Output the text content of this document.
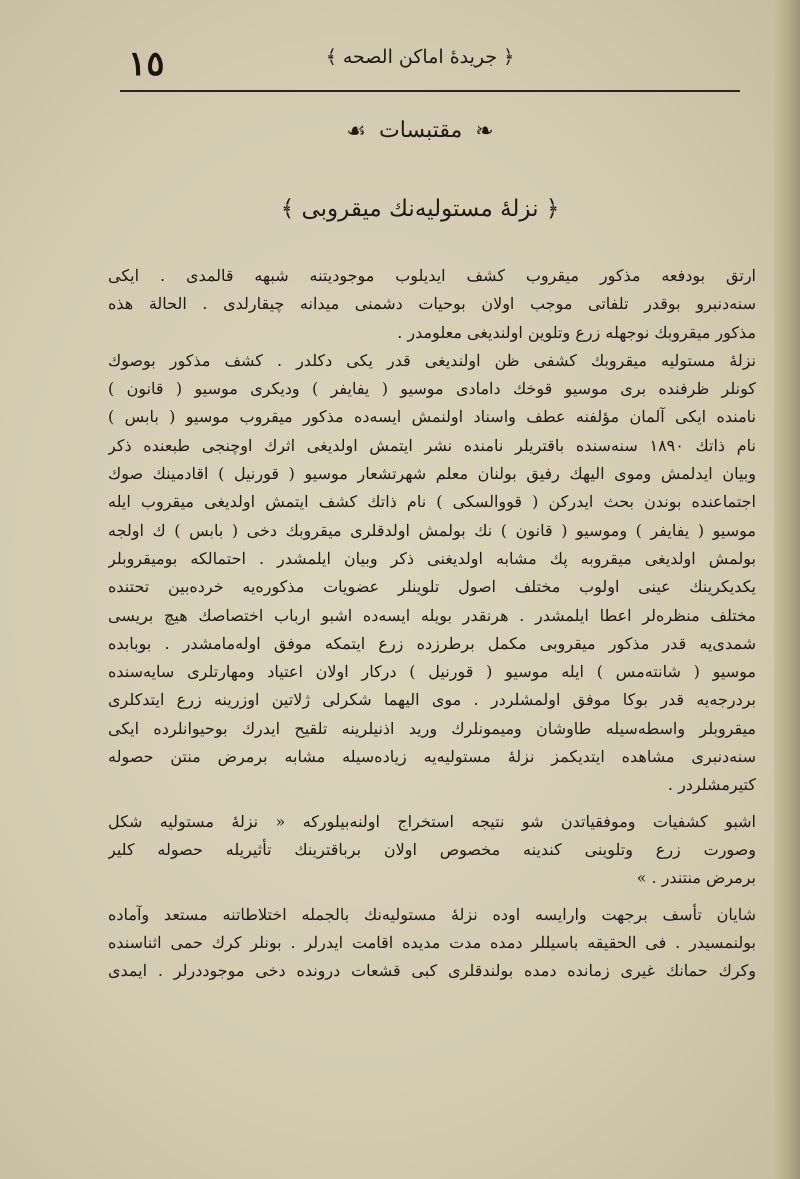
١٥	﴿ جریدهٔ اماکن الصحه ﴾
❧ مقتبسات ☙
﴿ نزلهٔ مستولیه‌نك میقروبی ﴾
ارتق بودفعه مذکور میقروب کشف ایدیلوب موجودیتنه شبهه قالمدی . ایکی
سنه‌دنبرو بوقدر تلفاتی موجب اولان بوحیات دشمنی میدانه چیقارلدی . الحالة هذه
مذکور میقروبك نوجهله زرع وتلوین اولندیغی معلومدر .
نزلهٔ مستولیه میقروبك کشفی ظن اولندیغی قدر یکی دکلدر . کشف مذکور بوصوك
کونلر ظرفنده بری موسیو قوخك دامادی موسیو ( یفایفر ) ودیکری موسیو ( قانون )
نامنده ایکی آلمان مؤلفنه عطف واسناد اولنمش ایسه‌ده مذکور میقروب موسیو ( بابس )
نام ذاتك ١٨٩٠ سنه‌سنده باقتریلر نامنده نشر ایتمش اولدیغی اثرك اوچنجی طبعنده ذکر
وبیان ایدلمش وموی الیهك رفیق بولنان معلم شهرتشعار موسیو ( قورنیل ) اقادمینك صوك
اجتماعنده بوندن بحث ایدرکن ( قووالسکی ) نام ذاتك کشف ایتمش اولدیغی میقروب ایله
موسیو ( یفایفر ) وموسیو ( قانون ) نك بولمش اولدقلری میقروبك دخی ( بابس ) ك اولجه
بولمش اولدیغی میقروبه پك مشابه اولدیغنی ذکر وبیان ایلمشدر . احتمالکه بومیقروبلر
یکدیکرینك عینی اولوب مختلف اصول تلوینلر عضویات مذکوره‌یه خرده‌بین تحتنده
مختلف منظره‌لر اعطا ایلمشدر . هرنقدر بویله ایسه‌ده اشبو ارباب اختصاصك هیچ بریسی
شمدی‌یه قدر مذکور میقروبی مکمل برطرزده زرع ایتمکه موفق اوله‌مامشدر . بوبابده
موسیو ( شانته‌مس ) ایله موسیو ( قورنیل ) درکار اولان اعتیاد ومهارتلری سایه‌سنده
بردرجه‌یه قدر بوکا موفق اولمشلردر . موی الیهما شکرلی ژلاتین اوزرینه زرع ایتدکلری
میقروبلر واسطه‌سیله طاوشان ومیمونلرك ورید اذنیلرینه تلقیح ایدرك بوحیوانلرده ایکی
سنه‌دنبری مشاهده ایتدیکمز نزلهٔ مستولیه‌یه زیاده‌سیله مشابه برمرض منتن حصوله
کتیرمشلردر .
اشبو کشفیات وموفقیاتدن شو نتیجه استخراج اولنه‌بیلورکه « نزلهٔ مستولیه شکل
وصورت زرع وتلوینی کندینه مخصوص اولان برباقترینك تأثیریله حصوله کلیر
برمرض منتندر . »
شایان تأسف برجهت وارایسه اوده نزلهٔ مستولیه‌نك بالجمله اختلاطاتنه مستعد وآماده
بولنمسیدر . فی الحقیقه باسیللر دمده مدت مدیده اقامت ایدرلر . بونلر کرك حمی اثناسنده
وکرك حمانك غیری زمانده دمده بولندقلری کبی قشعات درونده دخی موجوددرلر . ایمدی
